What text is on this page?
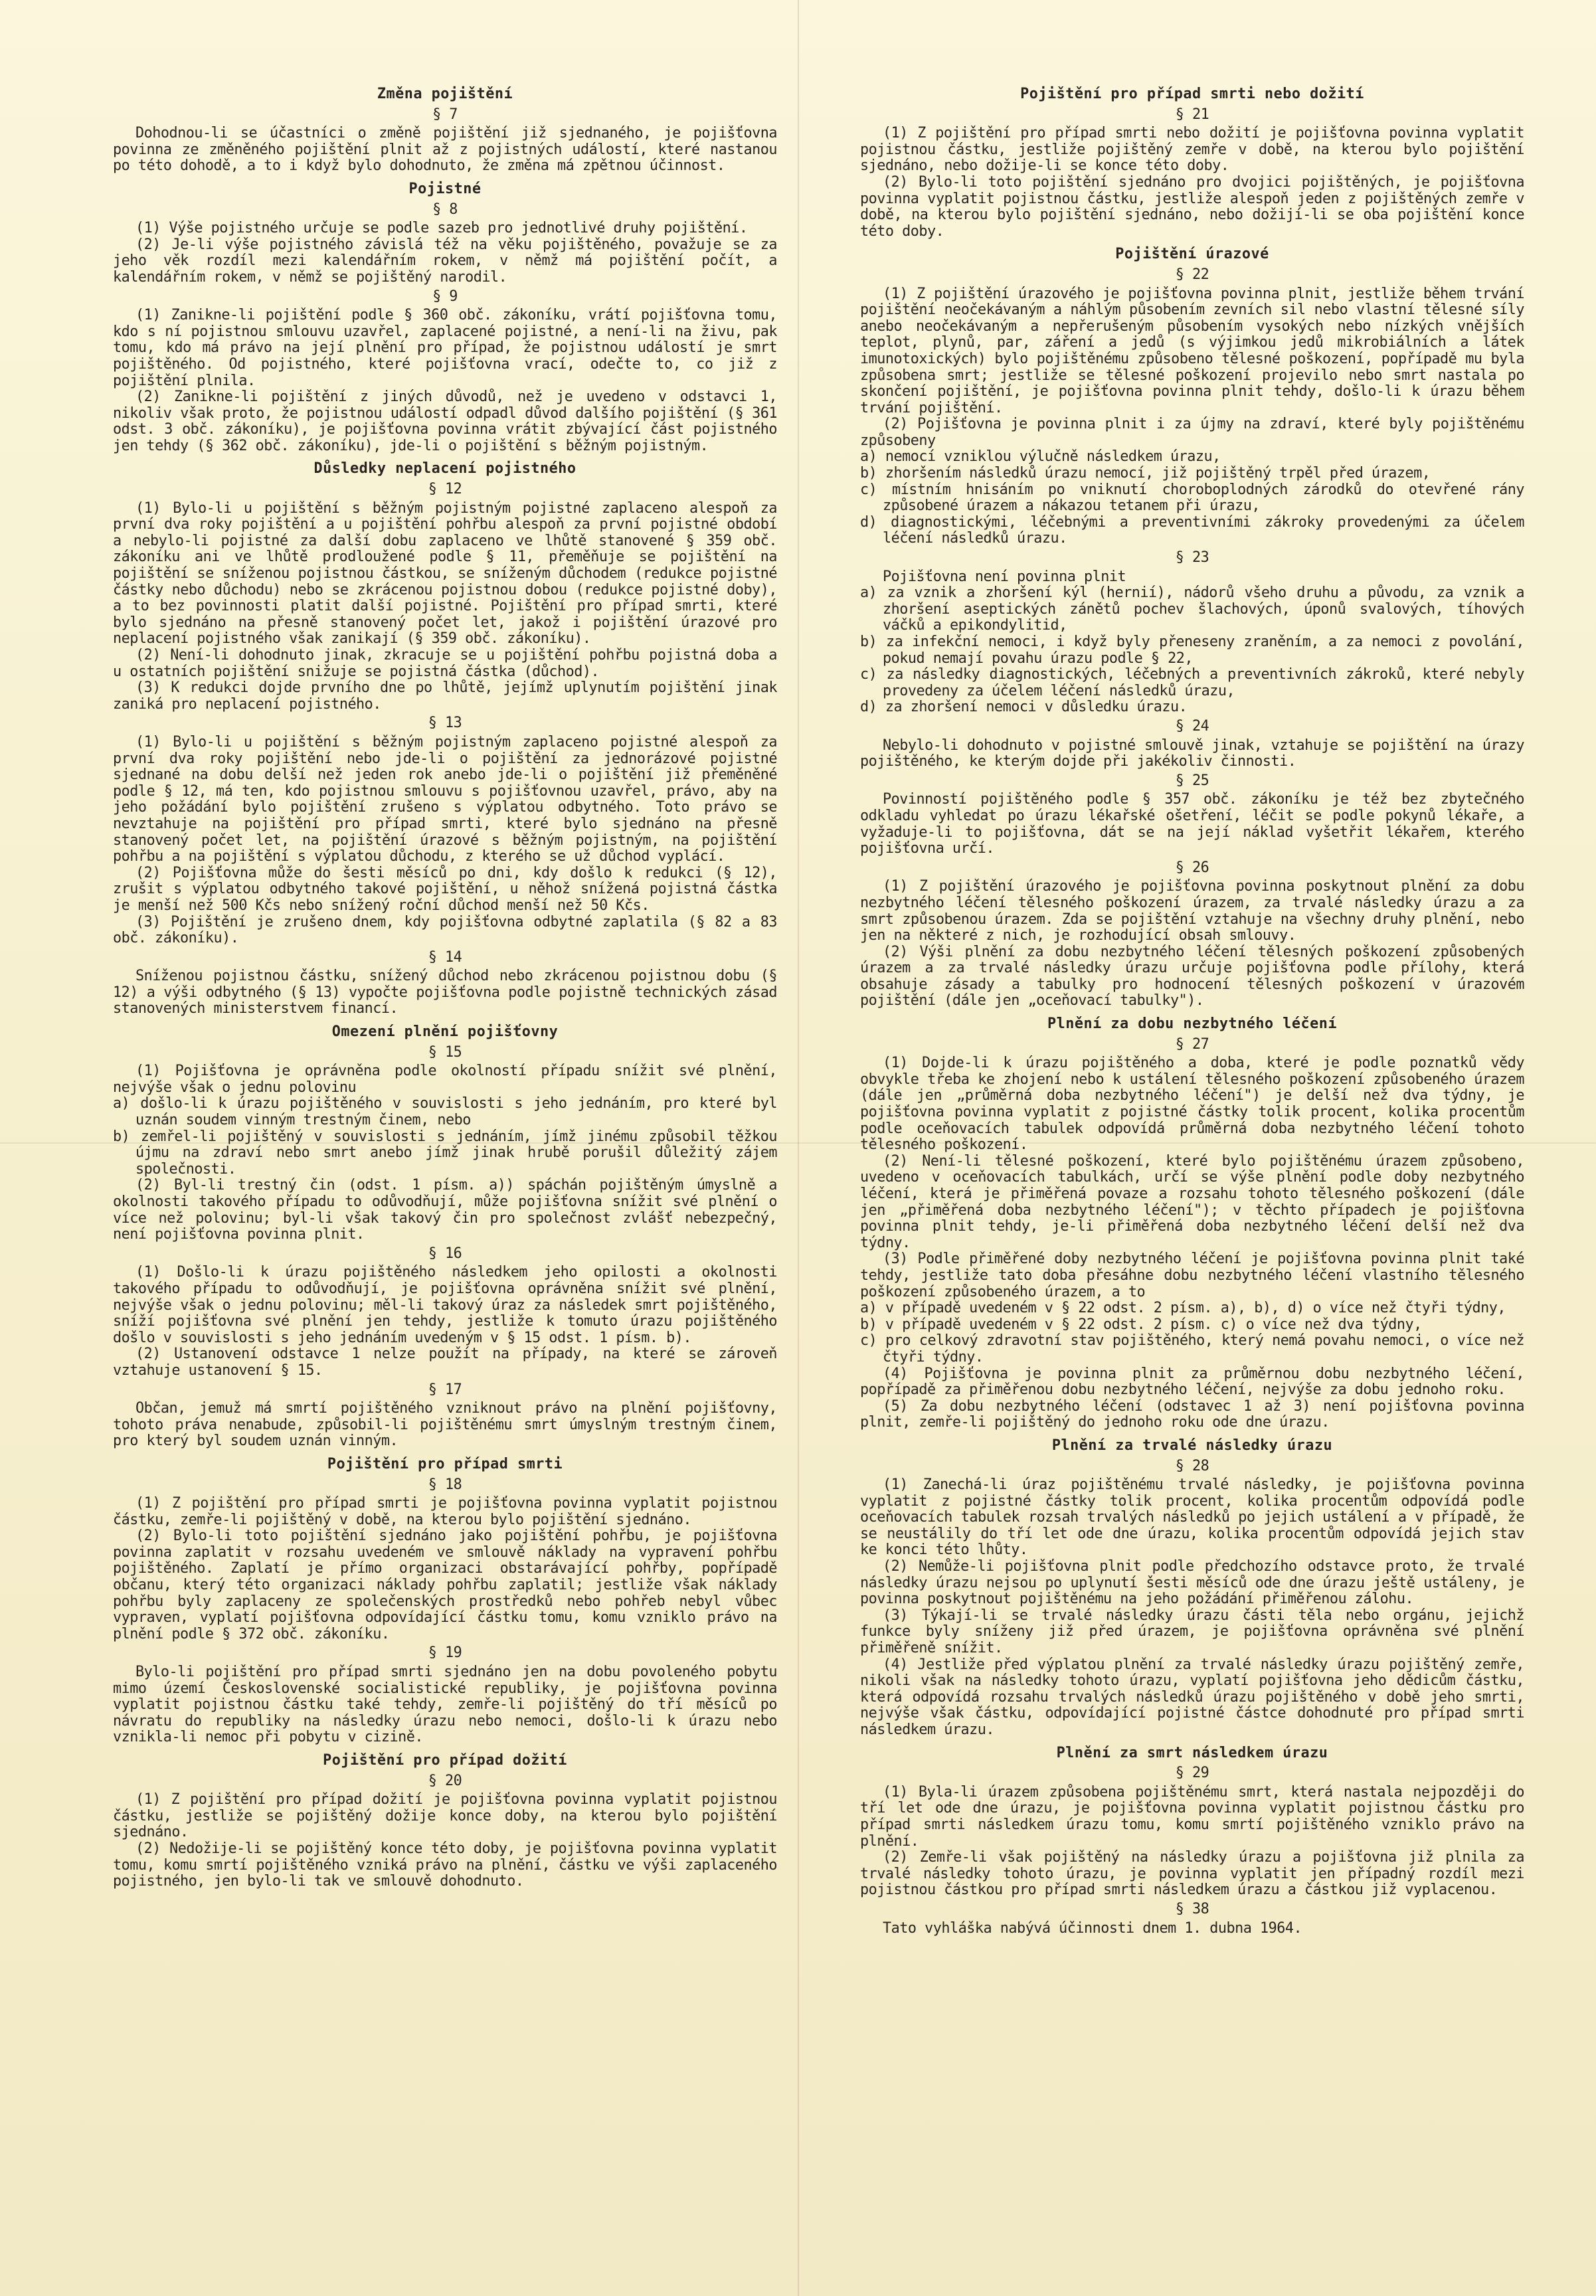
Změna pojištění
§ 7
Dohodnou-li se účastníci o změně pojištění již sjednaného, je pojišťovna povinna ze změněného pojištění plnit až z pojistných událostí, které nastanou po této dohodě, a to i když bylo dohodnuto, že změna má zpětnou účinnost.
Pojistné
§ 8
(1) Výše pojistného určuje se podle sazeb pro jednotlivé druhy pojištění.
(2) Je-li výše pojistného závislá též na věku pojištěného, považuje se za jeho věk rozdíl mezi kalendářním rokem, v němž má pojištění počít, a kalendářním rokem, v němž se pojištěný narodil.
§ 9
(1) Zanikne-li pojištění podle § 360 obč. zákoníku, vrátí pojišťovna tomu, kdo s ní pojistnou smlouvu uzavřel, zaplacené pojistné, a není-li na živu, pak tomu, kdo má právo na její plnění pro případ, že pojistnou událostí je smrt pojištěného. Od pojistného, které pojišťovna vrací, odečte to, co již z pojištění plnila.
(2) Zanikne-li pojištění z jiných důvodů, než je uvedeno v odstavci 1, nikoliv však proto, že pojistnou událostí odpadl důvod dalšího pojištění (§ 361 odst. 3 obč. zákoníku), je pojišťovna povinna vrátit zbývající část pojistného jen tehdy (§ 362 obč. zákoníku), jde-li o pojištění s běžným pojistným.
Důsledky neplacení pojistného
§ 12
(1) Bylo-li u pojištění s běžným pojistným pojistné zaplaceno alespoň za první dva roky pojištění a u pojištění pohřbu alespoň za první pojistné období a nebylo-li pojistné za další dobu zaplaceno ve lhůtě stanovené § 359 obč. zákoníku ani ve lhůtě prodloužené podle § 11, přeměňuje se pojištění na pojištění se sníženou pojistnou částkou, se sníženým důchodem (redukce pojistné částky nebo důchodu) nebo se zkrácenou pojistnou dobou (redukce pojistné doby), a to bez povinnosti platit další pojistné. Pojištění pro případ smrti, které bylo sjednáno na přesně stanovený počet let, jakož i pojištění úrazové pro neplacení pojistného však zanikají (§ 359 obč. zákoníku).
(2) Není-li dohodnuto jinak, zkracuje se u pojištění pohřbu pojistná doba a u ostatních pojištění snižuje se pojistná částka (důchod).
(3) K redukci dojde prvního dne po lhůtě, jejímž uplynutím pojištění jinak zaniká pro neplacení pojistného.
§ 13
(1) Bylo-li u pojištění s běžným pojistným zaplaceno pojistné alespoň za první dva roky pojištění nebo jde-li o pojištění za jednorázové pojistné sjednané na dobu delší než jeden rok anebo jde-li o pojištění již přeměněné podle § 12, má ten, kdo pojistnou smlouvu s pojišťovnou uzavřel, právo, aby na jeho požádání bylo pojištění zrušeno s výplatou odbytného. Toto právo se nevztahuje na pojištění pro případ smrti, které bylo sjednáno na přesně stanovený počet let, na pojištění úrazové s běžným pojistným, na pojištění pohřbu a na pojištění s výplatou důchodu, z kterého se už důchod vyplácí.
(2) Pojišťovna může do šesti měsíců po dni, kdy došlo k redukci (§ 12), zrušit s výplatou odbytného takové pojištění, u něhož snížená pojistná částka je menší než 500 Kčs nebo snížený roční důchod menší než 50 Kčs.
(3) Pojištění je zrušeno dnem, kdy pojišťovna odbytné zaplatila (§ 82 a 83 obč. zákoníku).
§ 14
Sníženou pojistnou částku, snížený důchod nebo zkrácenou pojistnou dobu (§ 12) a výši odbytného (§ 13) vypočte pojišťovna podle pojistně technických zásad stanovených ministerstvem financí.
Omezení plnění pojišťovny
§ 15
(1) Pojišťovna je oprávněna podle okolností případu snížit své plnění, nejvýše však o jednu polovinu
a) došlo-li k úrazu pojištěného v souvislosti s jeho jednáním, pro které byl uznán soudem vinným trestným činem, nebo
b) zemřel-li pojištěný v souvislosti s jednáním, jímž jinému způsobil těžkou újmu na zdraví nebo smrt anebo jímž jinak hrubě porušil důležitý zájem společnosti.
(2) Byl-li trestný čin (odst. 1 písm. a)) spáchán pojištěným úmyslně a okolnosti takového případu to odůvodňují, může pojišťovna snížit své plnění o více než polovinu; byl-li však takový čin pro společnost zvlášť nebezpečný, není pojišťovna povinna plnit.
§ 16
(1) Došlo-li k úrazu pojištěného následkem jeho opilosti a okolnosti takového případu to odůvodňují, je pojišťovna oprávněna snížit své plnění, nejvýše však o jednu polovinu; měl-li takový úraz za následek smrt pojištěného, sníží pojišťovna své plnění jen tehdy, jestliže k tomuto úrazu pojištěného došlo v souvislosti s jeho jednáním uvedeným v § 15 odst. 1 písm. b).
(2) Ustanovení odstavce 1 nelze použít na případy, na které se zároveň vztahuje ustanovení § 15.
§ 17
Občan, jemuž má smrtí pojištěného vzniknout právo na plnění pojišťovny, tohoto práva nenabude, způsobil-li pojištěnému smrt úmyslným trestným činem, pro který byl soudem uznán vinným.
Pojištění pro případ smrti
§ 18
(1) Z pojištění pro případ smrti je pojišťovna povinna vyplatit pojistnou částku, zemře-li pojištěný v době, na kterou bylo pojištění sjednáno.
(2) Bylo-li toto pojištění sjednáno jako pojištění pohřbu, je pojišťovna povinna zaplatit v rozsahu uvedeném ve smlouvě náklady na vypravení pohřbu pojištěného. Zaplatí je přímo organizaci obstarávající pohřby, popřípadě občanu, který této organizaci náklady pohřbu zaplatil; jestliže však náklady pohřbu byly zaplaceny ze společenských prostředků nebo pohřeb nebyl vůbec vypraven, vyplatí pojišťovna odpovídající částku tomu, komu vzniklo právo na plnění podle § 372 obč. zákoníku.
§ 19
Bylo-li pojištění pro případ smrti sjednáno jen na dobu povoleného pobytu mimo území Československé socialistické republiky, je pojišťovna povinna vyplatit pojistnou částku také tehdy, zemře-li pojištěný do tří měsíců po návratu do republiky na následky úrazu nebo nemoci, došlo-li k úrazu nebo vznikla-li nemoc při pobytu v cizině.
Pojištění pro případ dožití
§ 20
(1) Z pojištění pro případ dožití je pojišťovna povinna vyplatit pojistnou částku, jestliže se pojištěný dožije konce doby, na kterou bylo pojištění sjednáno.
(2) Nedožije-li se pojištěný konce této doby, je pojišťovna povinna vyplatit tomu, komu smrtí pojištěného vzniká právo na plnění, částku ve výši zaplaceného pojistného, jen bylo-li tak ve smlouvě dohodnuto.
Pojištění pro případ smrti nebo dožití
§ 21
(1) Z pojištění pro případ smrti nebo dožití je pojišťovna povinna vyplatit pojistnou částku, jestliže pojištěný zemře v době, na kterou bylo pojištění sjednáno, nebo dožije-li se konce této doby.
(2) Bylo-li toto pojištění sjednáno pro dvojici pojištěných, je pojišťovna povinna vyplatit pojistnou částku, jestliže alespoň jeden z pojištěných zemře v době, na kterou bylo pojištění sjednáno, nebo dožijí-li se oba pojištění konce této doby.
Pojištění úrazové
§ 22
(1) Z pojištění úrazového je pojišťovna povinna plnit, jestliže během trvání pojištění neočekávaným a náhlým působením zevních sil nebo vlastní tělesné síly anebo neočekávaným a nepřerušeným působením vysokých nebo nízkých vnějších teplot, plynů, par, záření a jedů (s výjimkou jedů mikrobiálních a látek imunotoxických) bylo pojištěnému způsobeno tělesné poškození, popřípadě mu byla způsobena smrt; jestliže se tělesné poškození projevilo nebo smrt nastala po skončení pojištění, je pojišťovna povinna plnit tehdy, došlo-li k úrazu během trvání pojištění.
(2) Pojišťovna je povinna plnit i za újmy na zdraví, které byly pojištěnému způsobeny
a) nemocí vzniklou výlučně následkem úrazu,
b) zhoršením následků úrazu nemocí, již pojištěný trpěl před úrazem,
c) místním hnisáním po vniknutí choroboplodných zárodků do otevřené rány způsobené úrazem a nákazou tetanem při úrazu,
d) diagnostickými, léčebnými a preventivními zákroky provedenými za účelem léčení následků úrazu.
§ 23
Pojišťovna není povinna plnit
a) za vznik a zhoršení kýl (hernií), nádorů všeho druhu a původu, za vznik a zhoršení aseptických zánětů pochev šlachových, úponů svalových, tíhových váčků a epikondylitid,
b) za infekční nemoci, i když byly přeneseny zraněním, a za nemoci z povolání, pokud nemají povahu úrazu podle § 22,
c) za následky diagnostických, léčebných a preventivních zákroků, které nebyly provedeny za účelem léčení následků úrazu,
d) za zhoršení nemoci v důsledku úrazu.
§ 24
Nebylo-li dohodnuto v pojistné smlouvě jinak, vztahuje se pojištění na úrazy pojištěného, ke kterým dojde při jakékoliv činnosti.
§ 25
Povinností pojištěného podle § 357 obč. zákoníku je též bez zbytečného odkladu vyhledat po úrazu lékařské ošetření, léčit se podle pokynů lékaře, a vyžaduje-li to pojišťovna, dát se na její náklad vyšetřit lékařem, kterého pojišťovna určí.
§ 26
(1) Z pojištění úrazového je pojišťovna povinna poskytnout plnění za dobu nezbytného léčení tělesného poškození úrazem, za trvalé následky úrazu a za smrt způsobenou úrazem. Zda se pojištění vztahuje na všechny druhy plnění, nebo jen na některé z nich, je rozhodující obsah smlouvy.
(2) Výši plnění za dobu nezbytného léčení tělesných poškození způsobených úrazem a za trvalé následky úrazu určuje pojišťovna podle přílohy, která obsahuje zásady a tabulky pro hodnocení tělesných poškození v úrazovém pojištění (dále jen „oceňovací tabulky").
Plnění za dobu nezbytného léčení
§ 27
(1) Dojde-li k úrazu pojištěného a doba, které je podle poznatků vědy obvykle třeba ke zhojení nebo k ustálení tělesného poškození způsobeného úrazem (dále jen „průměrná doba nezbytného léčení") je delší než dva týdny, je pojišťovna povinna vyplatit z pojistné částky tolik procent, kolika procentům podle oceňovacích tabulek odpovídá průměrná doba nezbytného léčení tohoto tělesného poškození.
(2) Není-li tělesné poškození, které bylo pojištěnému úrazem způsobeno, uvedeno v oceňovacích tabulkách, určí se výše plnění podle doby nezbytného léčení, která je přiměřená povaze a rozsahu tohoto tělesného poškození (dále jen „přiměřená doba nezbytného léčení"); v těchto případech je pojišťovna povinna plnit tehdy, je-li přiměřená doba nezbytného léčení delší než dva týdny.
(3) Podle přiměřené doby nezbytného léčení je pojišťovna povinna plnit také tehdy, jestliže tato doba přesáhne dobu nezbytného léčení vlastního tělesného poškození způsobeného úrazem, a to
a) v případě uvedeném v § 22 odst. 2 písm. a), b), d) o více než čtyři týdny,
b) v případě uvedeném v § 22 odst. 2 písm. c) o více než dva týdny,
c) pro celkový zdravotní stav pojištěného, který nemá povahu nemoci, o více než čtyři týdny.
(4) Pojišťovna je povinna plnit za průměrnou dobu nezbytného léčení, popřípadě za přiměřenou dobu nezbytného léčení, nejvýše za dobu jednoho roku.
(5) Za dobu nezbytného léčení (odstavec 1 až 3) není pojišťovna povinna plnit, zemře-li pojištěný do jednoho roku ode dne úrazu.
Plnění za trvalé následky úrazu
§ 28
(1) Zanechá-li úraz pojištěnému trvalé následky, je pojišťovna povinna vyplatit z pojistné částky tolik procent, kolika procentům odpovídá podle oceňovacích tabulek rozsah trvalých následků po jejich ustálení a v případě, že se neustálily do tří let ode dne úrazu, kolika procentům odpovídá jejich stav ke konci této lhůty.
(2) Nemůže-li pojišťovna plnit podle předchozího odstavce proto, že trvalé následky úrazu nejsou po uplynutí šesti měsíců ode dne úrazu ještě ustáleny, je povinna poskytnout pojištěnému na jeho požádání přiměřenou zálohu.
(3) Týkají-li se trvalé následky úrazu části těla nebo orgánu, jejichž funkce byly sníženy již před úrazem, je pojišťovna oprávněna své plnění přiměřeně snížit.
(4) Jestliže před výplatou plnění za trvalé následky úrazu pojištěný zemře, nikoli však na následky tohoto úrazu, vyplatí pojišťovna jeho dědicům částku, která odpovídá rozsahu trvalých následků úrazu pojištěného v době jeho smrti, nejvýše však částku, odpovídající pojistné částce dohodnuté pro případ smrti následkem úrazu.
Plnění za smrt následkem úrazu
§ 29
(1) Byla-li úrazem způsobena pojištěnému smrt, která nastala nejpozději do tří let ode dne úrazu, je pojišťovna povinna vyplatit pojistnou částku pro případ smrti následkem úrazu tomu, komu smrtí pojištěného vzniklo právo na plnění.
(2) Zemře-li však pojištěný na následky úrazu a pojišťovna již plnila za trvalé následky tohoto úrazu, je povinna vyplatit jen případný rozdíl mezi pojistnou částkou pro případ smrti následkem úrazu a částkou již vyplacenou.
§ 38
Tato vyhláška nabývá účinnosti dnem 1. dubna 1964.
